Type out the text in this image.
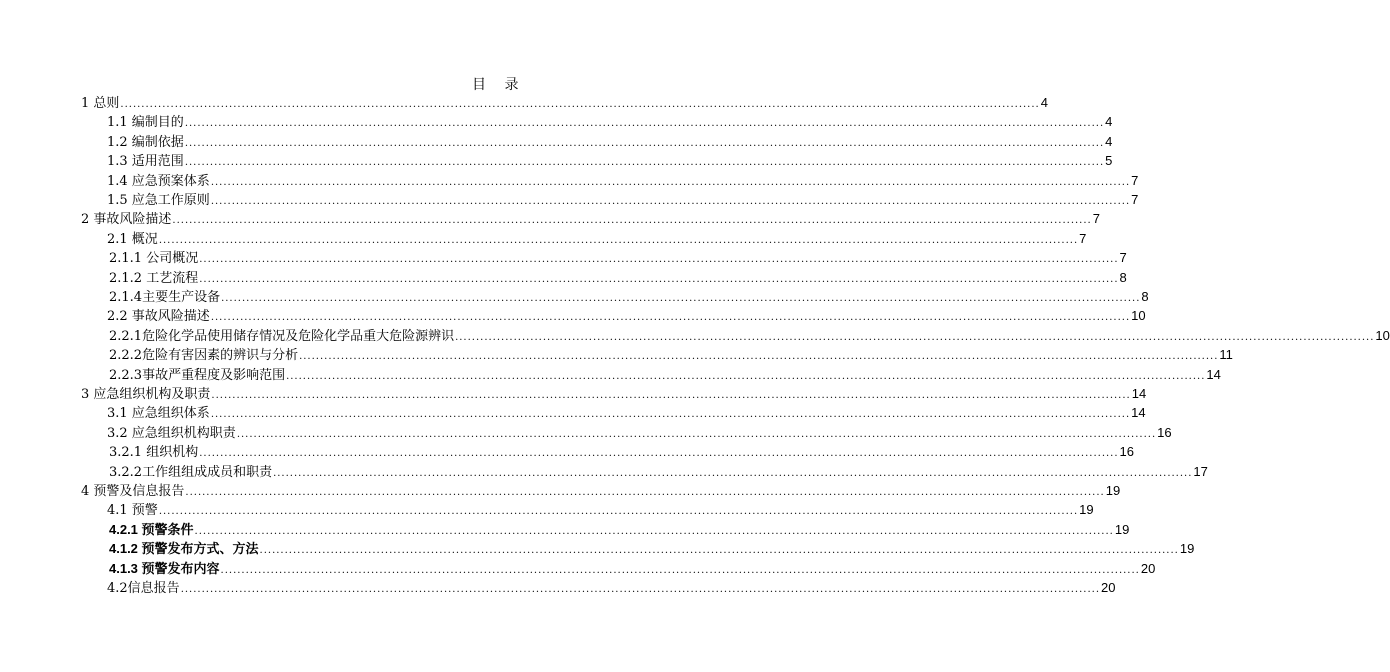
目 录
1 总则 ............................................................................................................................................................................................................................ 4
1.1 编制目的 ............................................................................................................................................................................................................................ 4
1.2 编制依据 ............................................................................................................................................................................................................................ 4
1.3 适用范围 ............................................................................................................................................................................................................................ 5
1.4 应急预案体系 ............................................................................................................................................................................................................................ 7
1.5 应急工作原则 ............................................................................................................................................................................................................................ 7
2 事故风险描述 ............................................................................................................................................................................................................................ 7
2.1 概况 ............................................................................................................................................................................................................................ 7
2.1.1 公司概况 ............................................................................................................................................................................................................................ 7
2.1.2 工艺流程 ............................................................................................................................................................................................................................ 8
2.1.4主要生产设备 ............................................................................................................................................................................................................................ 8
2.2 事故风险描述 ............................................................................................................................................................................................................................ 10
2.2.1危险化学品使用储存情况及危险化学品重大危险源辨识 ............................................................................................................................................................................................................................ 10
2.2.2危险有害因素的辨识与分析 ............................................................................................................................................................................................................................ 11
2.2.3事故严重程度及影响范围 ............................................................................................................................................................................................................................ 14
3 应急组织机构及职责 ............................................................................................................................................................................................................................ 14
3.1 应急组织体系 ............................................................................................................................................................................................................................ 14
3.2 应急组织机构职责 ............................................................................................................................................................................................................................ 16
3.2.1 组织机构 ............................................................................................................................................................................................................................ 16
3.2.2工作组组成成员和职责 ............................................................................................................................................................................................................................ 17
4 预警及信息报告 ............................................................................................................................................................................................................................ 19
4.1 预警 ............................................................................................................................................................................................................................ 19
4.2.1 预警条件 ............................................................................................................................................................................................................................ 19
4.1.2 预警发布方式、方法 ............................................................................................................................................................................................................................ 19
4.1.3 预警发布内容 ............................................................................................................................................................................................................................ 20
4.2信息报告 ............................................................................................................................................................................................................................ 20
